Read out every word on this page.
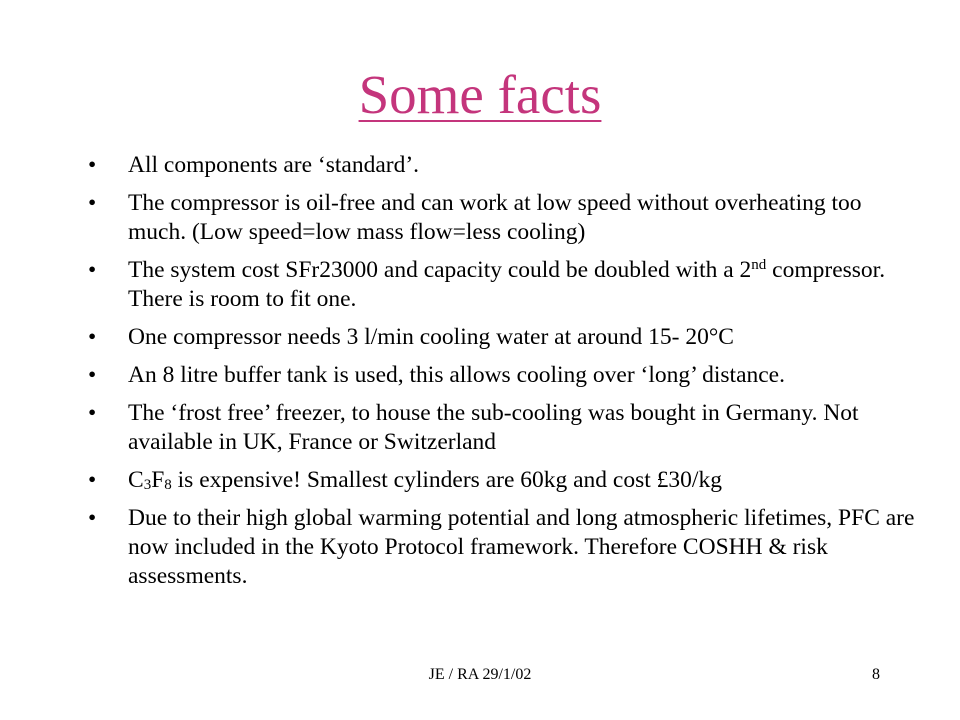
Some facts
•	All components are ‘standard’.
•	The compressor is oil-free and can work at low speed without overheating too much. (Low speed=low mass flow=less cooling)
•	The system cost SFr23000 and capacity could be doubled with a 2nd compressor. There is room to fit one.
•	One compressor needs 3 l/min cooling water at around 15- 20°C
•	An 8 litre buffer tank is used, this allows cooling over ‘long’ distance.
•	The ‘frost free’ freezer, to house the sub-cooling was bought in Germany. Not available in UK, France or Switzerland
•	C3F8 is expensive! Smallest cylinders are 60kg and cost £30/kg
•	Due to their high global warming potential and long atmospheric lifetimes, PFC are now included in the Kyoto Protocol framework. Therefore COSHH & risk assessments.
JE / RA 29/1/02	8
